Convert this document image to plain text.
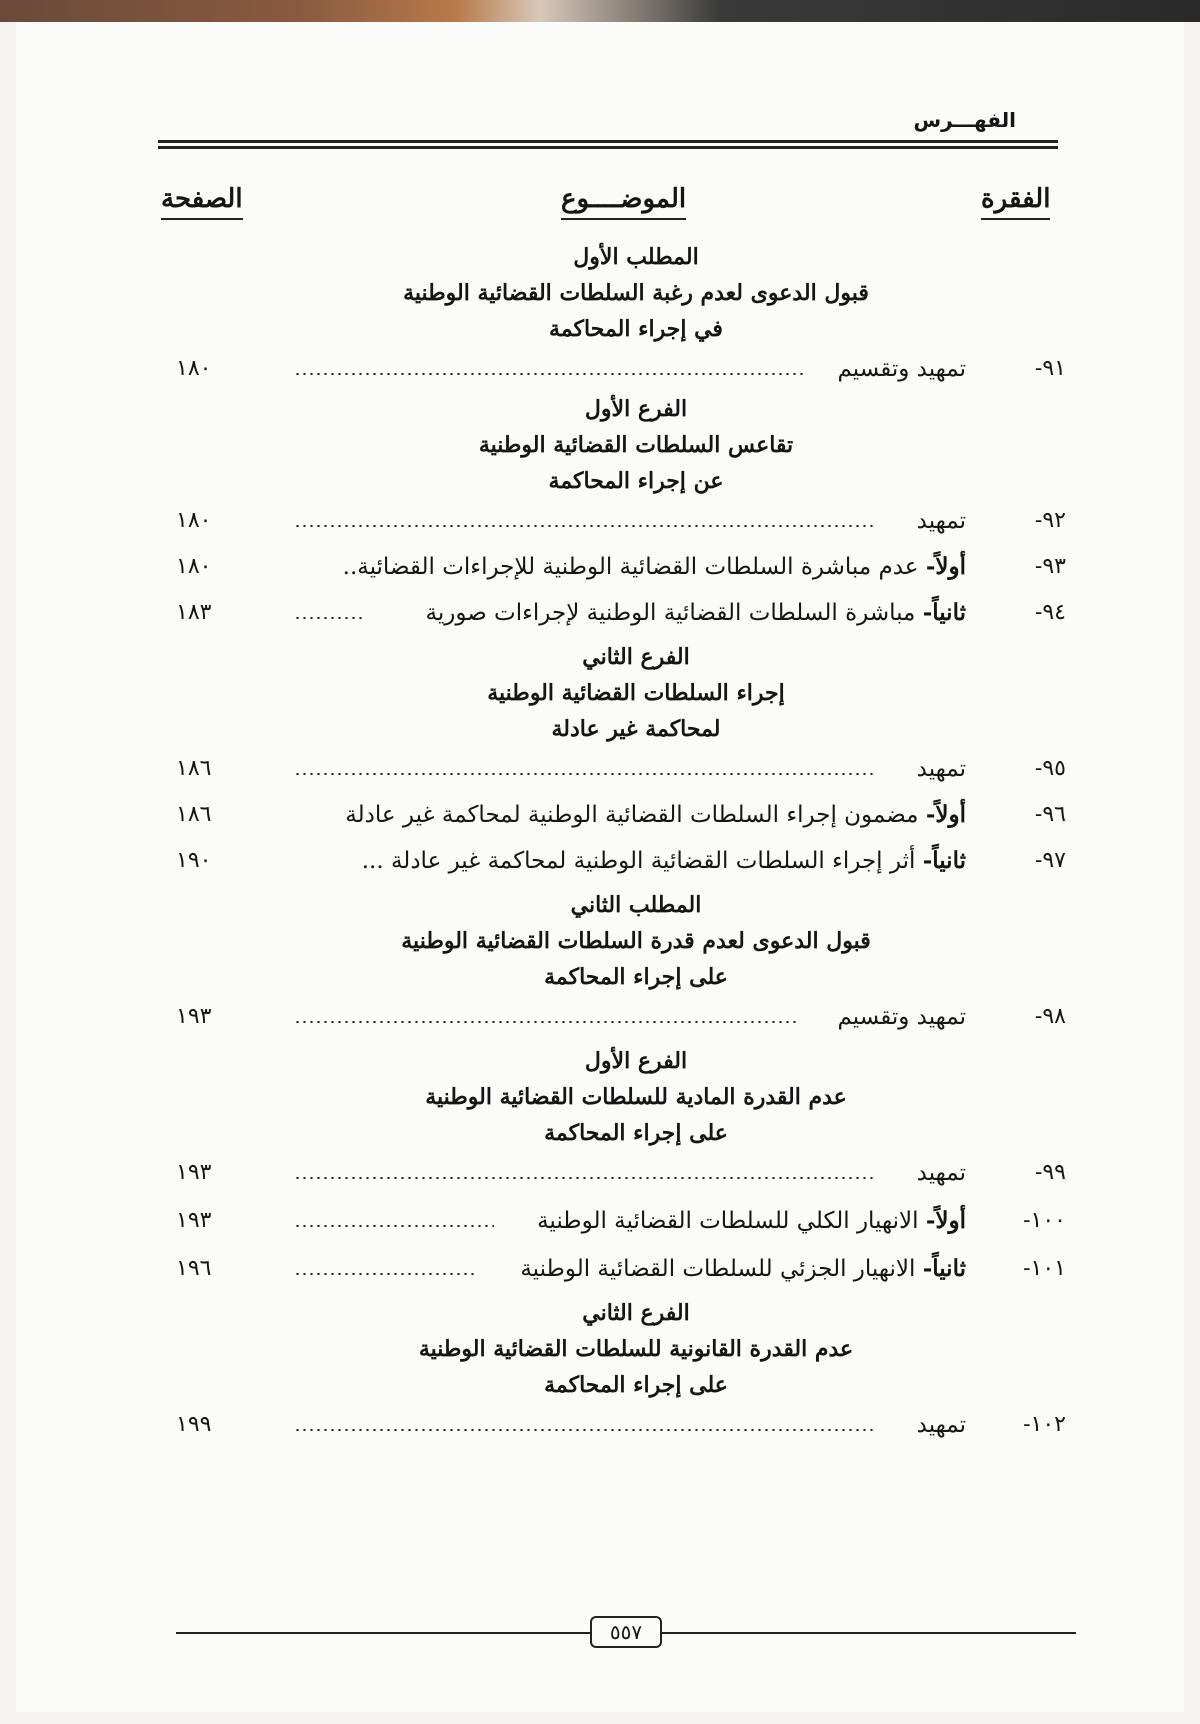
الفهـــرس
الفقرة
الموضــــوع
الصفحة
المطلب الأول
قبول الدعوى لعدم رغبة السلطات القضائية الوطنية
في إجراء المحاكمة
٩١-
تمهيد وتقسيم
١٨٠
الفرع الأول
تقاعس السلطات القضائية الوطنية
عن إجراء المحاكمة
٩٢-
تمهيد
١٨٠
٩٣-
أولاً- عدم مباشرة السلطات القضائية الوطنية للإجراءات القضائية..
١٨٠
٩٤-
ثانياً- مباشرة السلطات القضائية الوطنية لإجراءات صورية
١٨٣
الفرع الثاني
إجراء السلطات القضائية الوطنية
لمحاكمة غير عادلة
٩٥-
تمهيد
١٨٦
٩٦-
أولاً- مضمون إجراء السلطات القضائية الوطنية لمحاكمة غير عادلة
١٨٦
٩٧-
ثانياً- أثر إجراء السلطات القضائية الوطنية لمحاكمة غير عادلة ...
١٩٠
المطلب الثاني
قبول الدعوى لعدم قدرة السلطات القضائية الوطنية
على إجراء المحاكمة
٩٨-
تمهيد وتقسيم
١٩٣
الفرع الأول
عدم القدرة المادية للسلطات القضائية الوطنية
على إجراء المحاكمة
٩٩-
تمهيد
١٩٣
١٠٠-
أولاً- الانهيار الكلي للسلطات القضائية الوطنية
١٩٣
١٠١-
ثانياً- الانهيار الجزئي للسلطات القضائية الوطنية
١٩٦
الفرع الثاني
عدم القدرة القانونية للسلطات القضائية الوطنية
على إجراء المحاكمة
١٠٢-
تمهيد
١٩٩
٥٥٧
